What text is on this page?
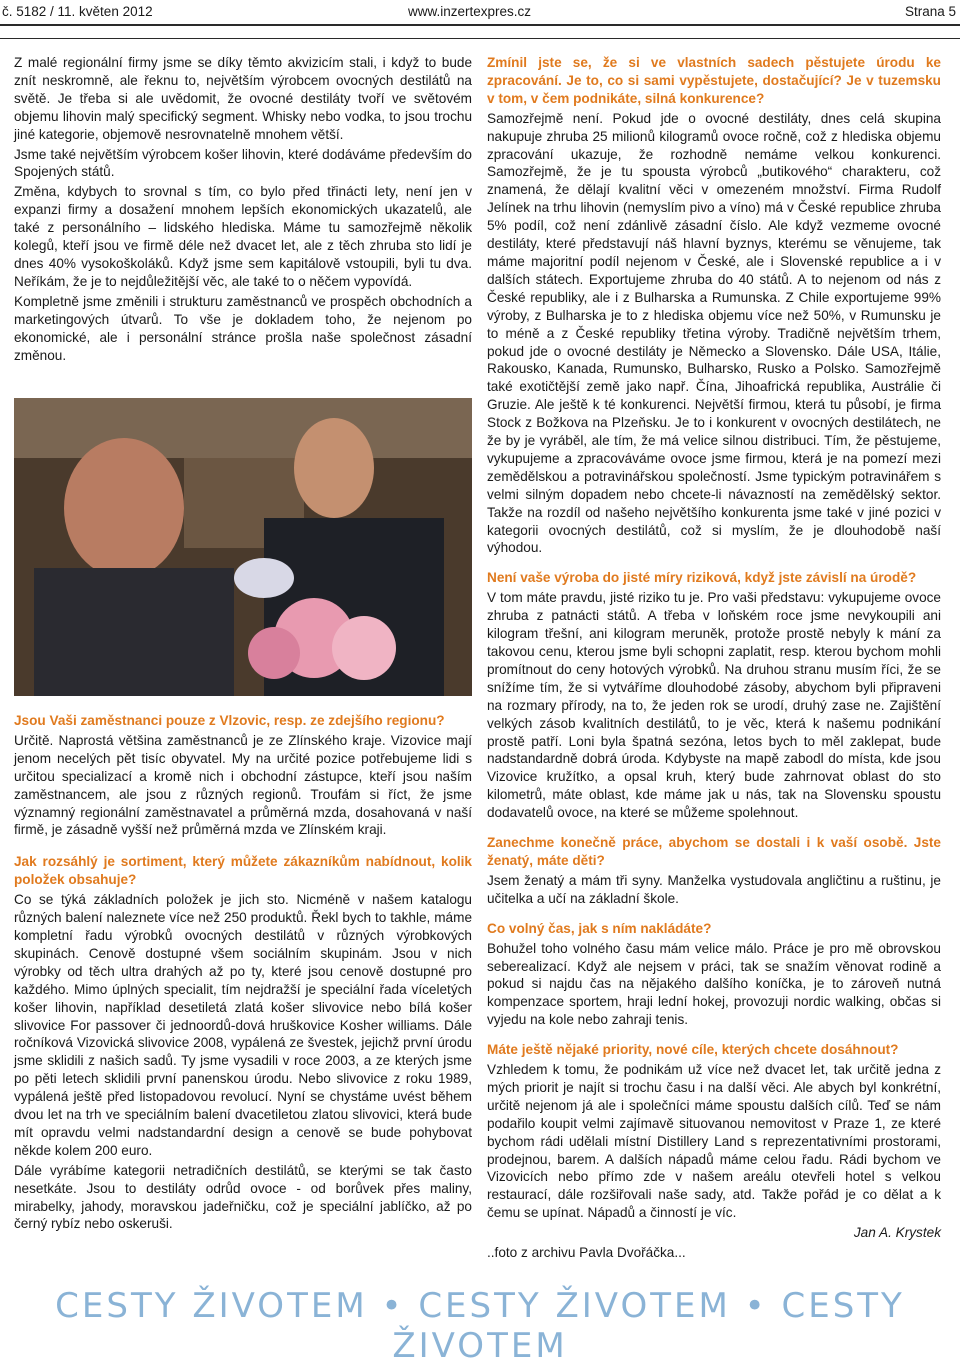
č. 5182 / 11. květen 2012	www.inzertexpres.cz	Strana 5

Z malé regionální firmy jsme se díky těmto akvizicím stali, i když to bude znít neskromně, ale řeknu to, největším výrobcem ovocných destilátů na světě. Je třeba si ale uvědomit, že ovocné destiláty tvoří ve světovém objemu lihovin malý specifický segment. Whisky nebo vodka, to jsou trochu jiné kategorie, objemově nesrovnatelně mnohem větší.

Jsme také největším výrobcem košer lihovin, které dodáváme především do Spojených států.

Změna, kdybych to srovnal s tím, co bylo před třinácti lety, není jen v expanzi firmy a dosažení mnohem lepších ekonomických ukazatelů, ale také z personálního – lidského hlediska. Máme tu samozřejmě několik kolegů, kteří jsou ve firmě déle než dvacet let, ale z těch zhruba sto lidí je dnes 40% vysokoškoláků. Když jsme sem kapitálově vstoupili, byli tu dva. Neříkám, že je to nejdůležitější věc, ale také to o něčem vypovídá.

Kompletně jsme změnili i strukturu zaměstnanců ve prospěch obchodních a marketingových útvarů. To vše je dokladem toho, že nejenom po ekonomické, ale i personální stránce prošla naše společnost zásadní změnou.

Jsou Vaši zaměstnanci pouze z Vlzovic, resp. ze zdejšího regionu?

Určitě. Naprostá většina zaměstnanců je ze Zlínského kraje. Vizovice mají jenom necelých pět tisíc obyvatel. My na určité pozice potřebujeme lidi s určitou specializací a kromě nich i obchodní zástupce, kteří jsou naším zaměstnancem, ale jsou z různých regionů. Troufám si říct, že jsme významný regionální zaměstnavatel a průměrná mzda, dosahovaná v naší firmě, je zásadně vyšší než průměrná mzda ve Zlínském kraji.

Jak rozsáhlý je sortiment, který můžete zákazníkům nabídnout, kolik položek obsahuje?

Co se týká základních položek je jich sto. Nicméně v našem katalogu různých balení naleznete více než 250 produktů. Řekl bych to takhle, máme kompletní řadu výrobků ovocných destilátů v různých výrobkových skupinách. Cenově dostupné všem sociálním skupinám. Jsou v nich výrobky od těch ultra drahých až po ty, které jsou cenově dostupné pro každého. Mimo úplných specialit, tím nejdražší je speciální řada víceletých košer lihovin, například desetiletá zlatá košer slivovice nebo bílá košer slivovice For passover či jednoordů-dová hruškovice Kosher williams. Dále ročníková Vizovická slivovice 2008, vypálená ze švestek, jejichž první úrodu jsme sklidili z našich sadů. Ty jsme vysadili v roce 2003, a ze kterých jsme po pěti letech sklidili první panenskou úrodu. Nebo slivovice z roku 1989, vypálená ještě před listopadovou revolucí. Nyní se chystáme uvést během dvou let na trh ve speciálním balení dvacetiletou zlatou slivovici, která bude mít opravdu velmi nadstandardní design a cenově se bude pohybovat někde kolem 200 euro.

Dále vyrábíme kategorii netradičních destilátů, se kterými se tak často nesetkáte. Jsou to destiláty odrůd ovoce - od borůvek přes maliny, mirabelky, jahody, moravskou jadeřničku, což je speciální jablíčko, až po černý rybíz nebo oskeruši.

Zmínil jste se, že si ve vlastních sadech pěstujete úrodu ke zpracování. Je to, co si sami vypěstujete, dostačující? Je v tuzemsku v tom, v čem podnikáte, silná konkurence?

Samozřejmě není. Pokud jde o ovocné destiláty, dnes celá skupina nakupuje zhruba 25 milionů kilogramů ovoce ročně, což z hlediska objemu zpracování ukazuje, že rozhodně nemáme velkou konkurenci. Samozřejmě, že je tu spousta výrobců „butikového“ charakteru, což znamená, že dělají kvalitní věci v omezeném množství. Firma Rudolf Jelínek na trhu lihovin (nemyslím pivo a víno) má v České republice zhruba 5% podíl, což není zdánlivě zásadní číslo. Ale když vezmeme ovocné destiláty, které představují náš hlavní byznys, kterému se věnujeme, tak máme majoritní podíl nejenom v České, ale i Slovenské republice a i v dalších státech. Exportujeme zhruba do 40 států. A to nejenom od nás z České republiky, ale i z Bulharska a Rumunska. Z Chile exportujeme 99% výroby, z Bulharska je to z hlediska objemu více než 50%, v Rumunsku je to méně a z České republiky třetina výroby. Tradičně největším trhem, pokud jde o ovocné destiláty je Německo a Slovensko. Dále USA, Itálie, Rakousko, Kanada, Rumunsko, Bulharsko, Rusko a Polsko. Samozřejmě také exotičtější země jako např. Čína, Jihoafrická republika, Austrálie či Gruzie. Ale ještě k té konkurenci. Největší firmou, která tu působí, je firma Stock z Božkova na Plzeňsku. Je to i konkurent v ovocných destilátech, ne že by je vyráběl, ale tím, že má velice silnou distribuci. Tím, že pěstujeme, vykupujeme a zpracováváme ovoce jsme firmou, která je na pomezí mezi zemědělskou a potravinářskou společností. Jsme typickým potravinářem s velmi silným dopadem nebo chcete-li návazností na zemědělský sektor. Takže na rozdíl od našeho největšího konkurenta jsme také v jiné pozici v kategorii ovocných destilátů, což si myslím, že je dlouhodobě naší výhodou.

Není vaše výroba do jisté míry riziková, když jste závislí na úrodě?

V tom máte pravdu, jisté riziko tu je. Pro vaši představu: vykupujeme ovoce zhruba z patnácti států. A třeba v loňském roce jsme nevykoupili ani kilogram třešní, ani kilogram meruněk, protože prostě nebyly k mání za takovou cenu, kterou jsme byli schopni zaplatit, resp. kterou bychom mohli promítnout do ceny hotových výrobků. Na druhou stranu musím říci, že se snížíme tím, že si vytváříme dlouhodobé zásoby, abychom byli připraveni na rozmary přírody, na to, že jeden rok se urodí, druhý zase ne. Zajištění velkých zásob kvalitních destilátů, to je věc, která k našemu podnikání prostě patří. Loni byla špatná sezóna, letos bych to měl zaklepat, bude nadstandardně dobrá úroda. Kdybyste na mapě zabodl do místa, kde jsou Vizovice kružítko, a opsal kruh, který bude zahrnovat oblast do sto kilometrů, máte oblast, kde máme jak u nás, tak na Slovensku spoustu dodavatelů ovoce, na které se můžeme spolehnout.

Zanechme konečně práce, abychom se dostali i k vaší osobě. Jste ženatý, máte děti?

Jsem ženatý a mám tři syny. Manželka vystudovala angličtinu a ruštinu, je učitelka a učí na základní škole.

Co volný čas, jak s ním nakládáte?

Bohužel toho volného času mám velice málo. Práce je pro mě obrovskou seberealizací. Když ale nejsem v práci, tak se snažím věnovat rodině a pokud si najdu čas na nějakého dalšího koníčka, je to zároveň nutná kompenzace sportem, hraji lední hokej, provozuji nordic walking, občas si vyjedu na kole nebo zahraji tenis.

Máte ještě nějaké priority, nové cíle, kterých chcete dosáhnout?

Vzhledem k tomu, že podnikám už více než dvacet let, tak určitě jedna z mých priorit je najít si trochu času i na další věci. Ale abych byl konkrétní, určitě nejenom já ale i společníci máme spoustu dalších cílů. Teď se nám podařilo koupit velmi zajímavě situovanou nemovitost v Praze 1, ze které bychom rádi udělali místní Distillery Land s reprezentativními prostorami, prodejnou, barem. A dalších nápadů máme celou řadu. Rádi bychom ve Vizovicích nebo přímo zde v našem areálu otevřeli hotel s velkou restaurací, dále rozšiřovali naše sady, atd. Takže pořád je co dělat a k čemu se upínat. Nápadů a činností je víc.

Jan A. Krystek

..foto z archivu Pavla Dvořáčka...

CESTY ŽIVOTEM • CESTY ŽIVOTEM • CESTY ŽIVOTEM
